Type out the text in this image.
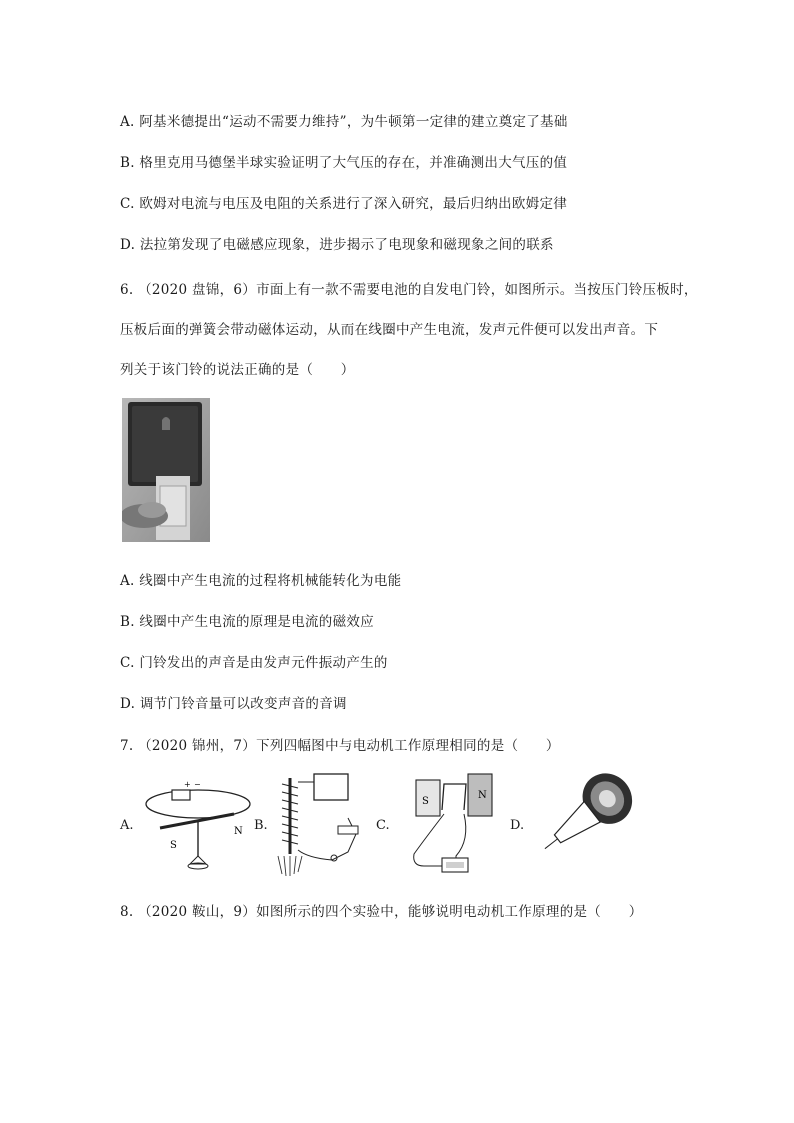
A. 阿基米德提出“运动不需要力维持”，为牛顿第一定律的建立奠定了基础
B. 格里克用马德堡半球实验证明了大气压的存在，并准确测出大气压的值
C. 欧姆对电流与电压及电阻的关系进行了深入研究，最后归纳出欧姆定律
D. 法拉第发现了电磁感应现象，进步揭示了电现象和磁现象之间的联系
6. （2020 盘锦，6）市面上有一款不需要电池的自发电门铃，如图所示。当按压门铃压板时，
压板后面的弹簧会带动磁体运动，从而在线圈中产生电流，发声元件便可以发出声音。下
列关于该门铃的说法正确的是（　　）
A. 线圈中产生电流的过程将机械能转化为电能
B. 线圈中产生电流的原理是电流的磁效应
C. 门铃发出的声音是由发声元件振动产生的
D. 调节门铃音量可以改变声音的音调
7. （2020 锦州，7）下列四幅图中与电动机工作原理相同的是（　　）
A.
+ −
S
N B.	C.
S
N
D.
8. （2020 鞍山，9）如图所示的四个实验中，能够说明电动机工作原理的是（　　）
